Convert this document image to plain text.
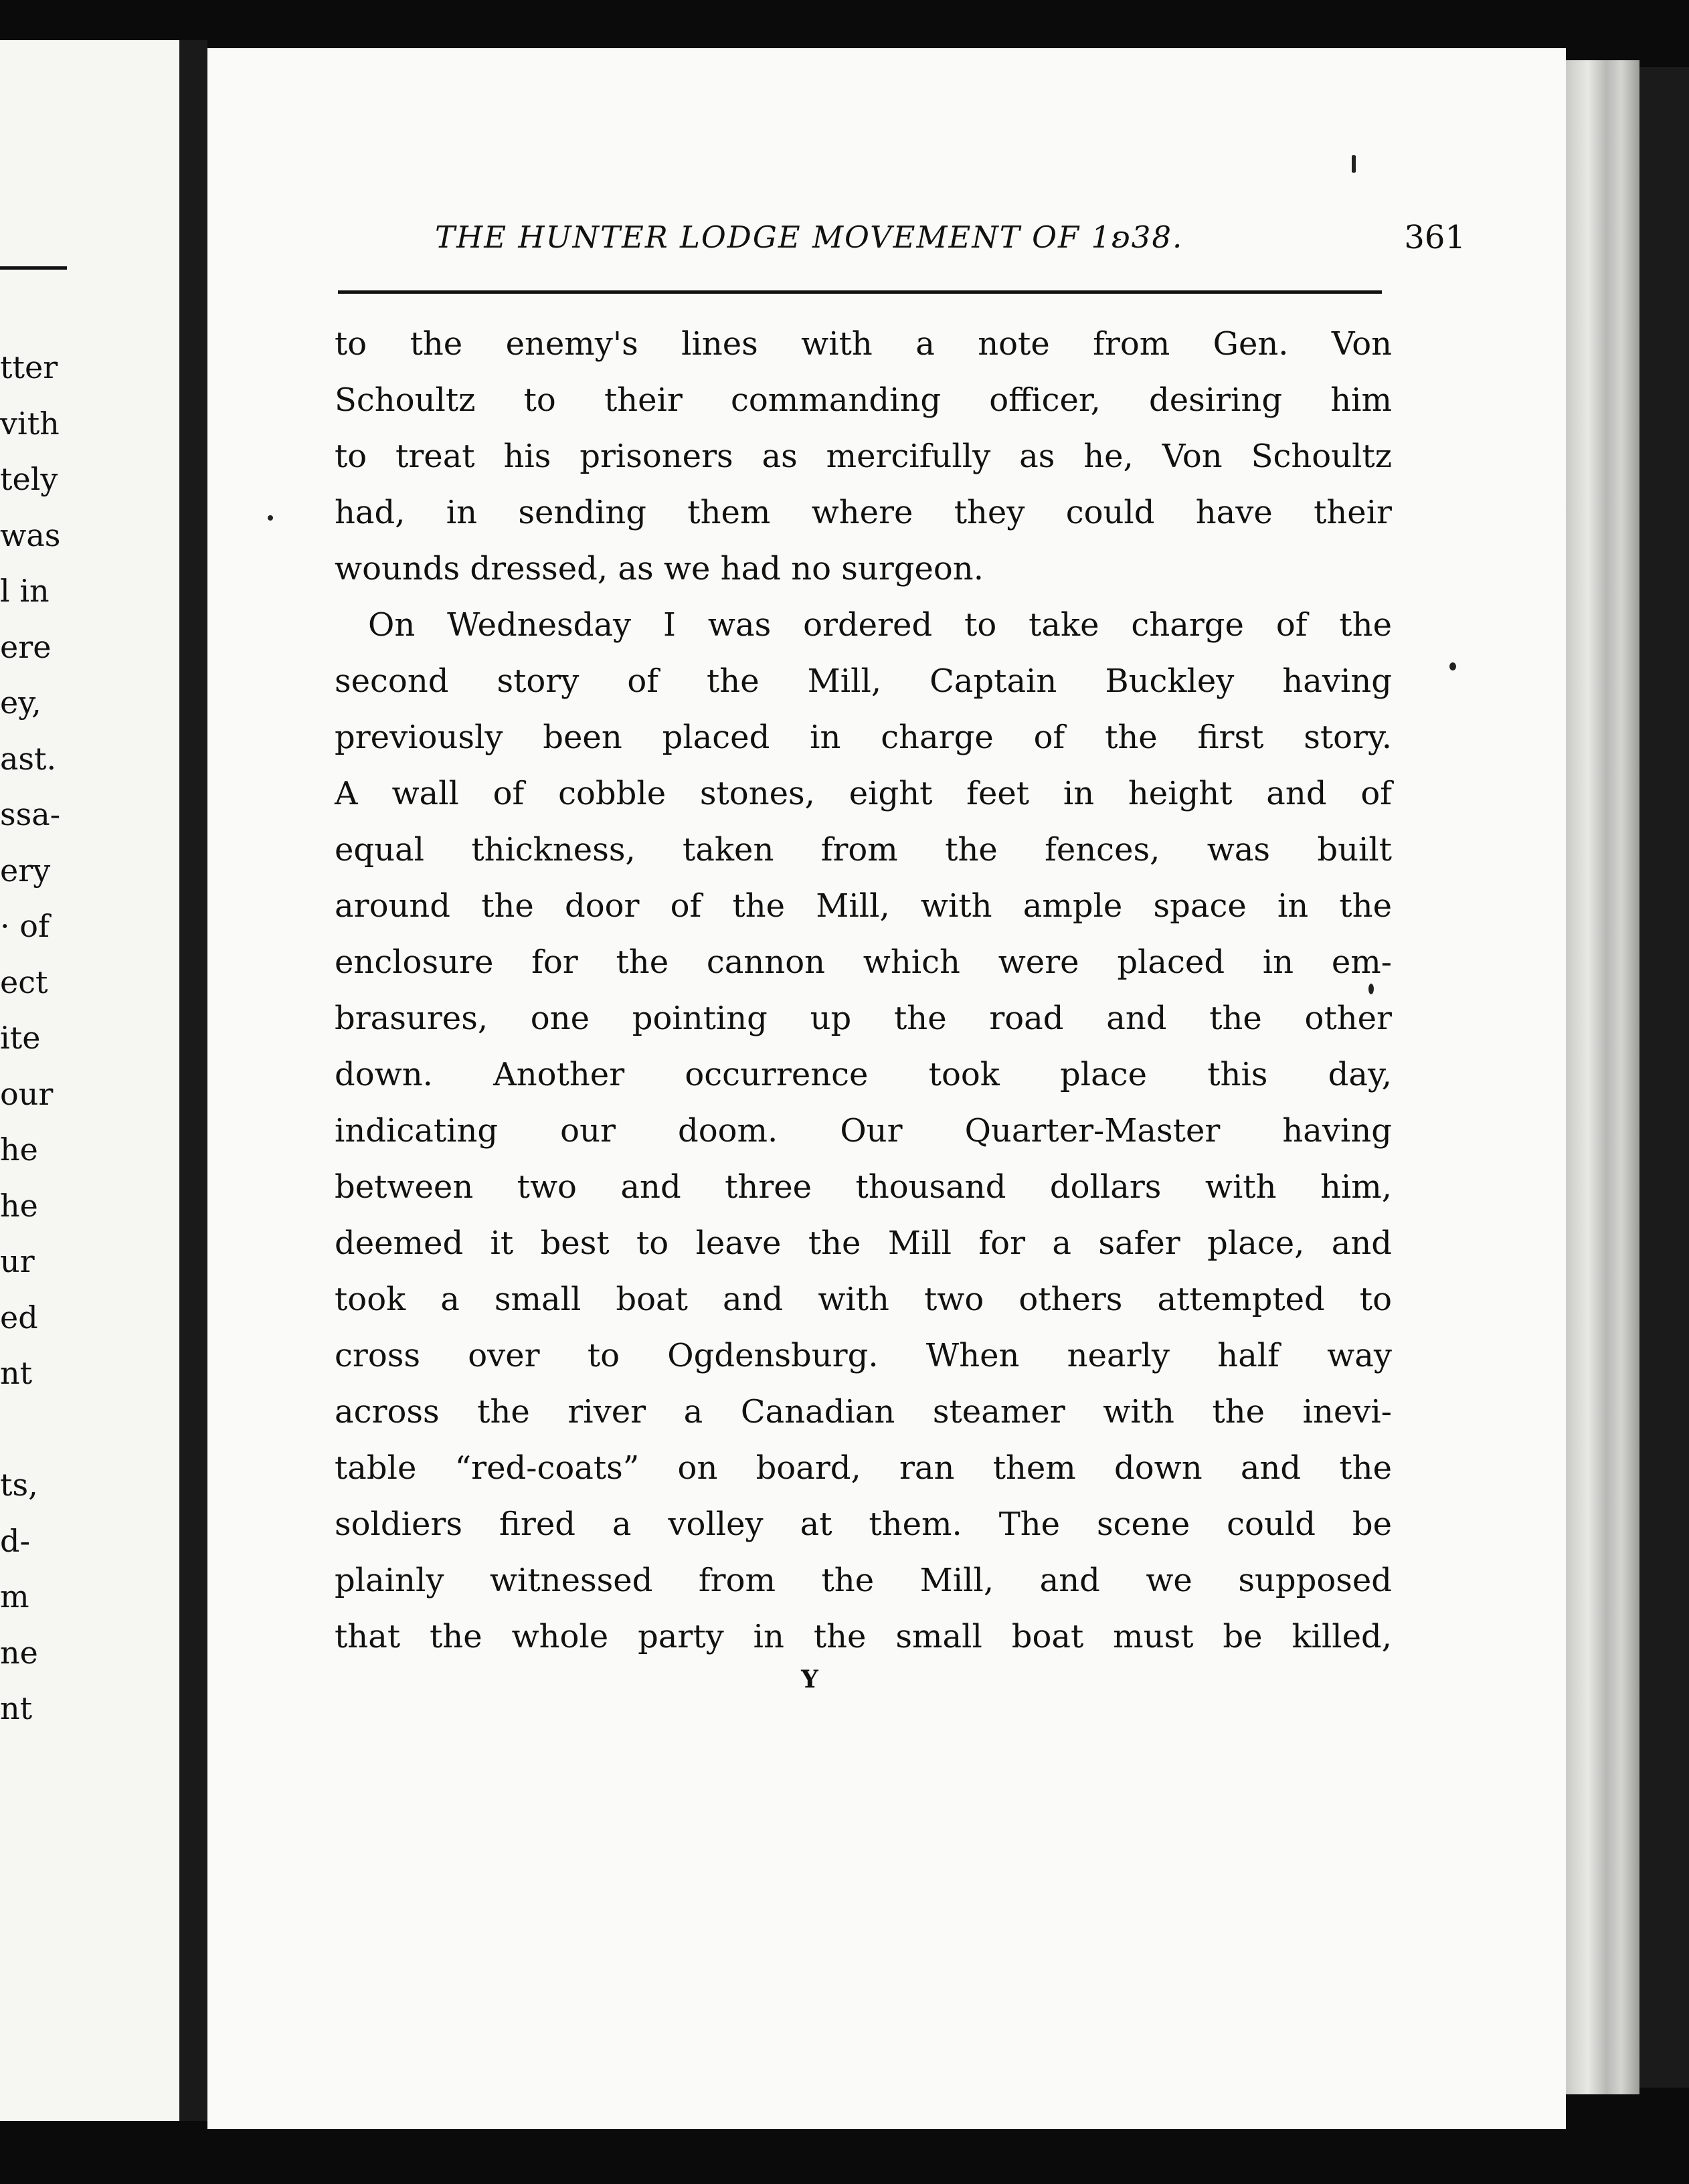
tter
vith
tely
was
l in
ere
ey,
ast.
ssa-
ery
· of
ect
ite
our
he
he
ur
ed
nt
ts,
d-
m
ne
nt
THE HUNTER LODGE MOVEMENT OF 1ʚ38.	361
to the enemy's lines with a note from Gen. Von
Schoultz to their commanding officer, desiring him
to treat his prisoners as mercifully as he, Von Schoultz
had, in sending them where they could have their
wounds dressed, as we had no surgeon.
On Wednesday I was ordered to take charge of the
second story of the Mill, Captain Buckley having
previously been placed in charge of the first story.
A wall of cobble stones, eight feet in height and of
equal thickness, taken from the fences, was built
around the door of the Mill, with ample space in the
enclosure for the cannon which were placed in em-
brasures, one pointing up the road and the other
down. Another occurrence took place this day,
indicating our doom. Our Quarter-Master having
between two and three thousand dollars with him,
deemed it best to leave the Mill for a safer place, and
took a small boat and with two others attempted to
cross over to Ogdensburg. When nearly half way
across the river a Canadian steamer with the inevi-
table “red-coats” on board, ran them down and the
soldiers fired a volley at them. The scene could be
plainly witnessed from the Mill, and we supposed
that the whole party in the small boat must be killed,
Y
